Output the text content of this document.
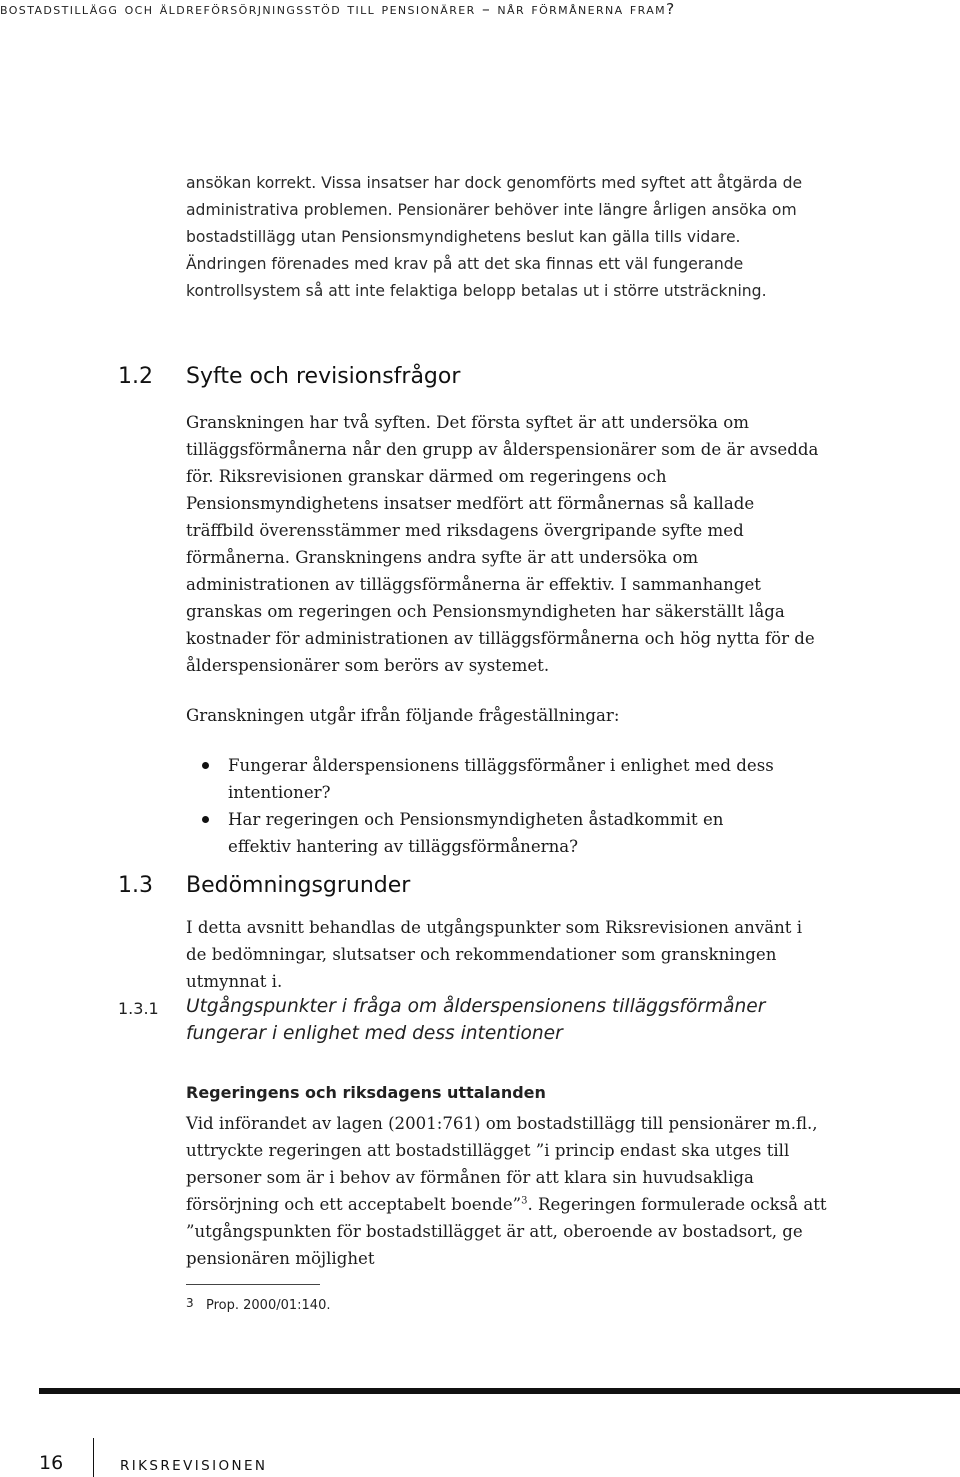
bostadstillägg och äldreförsörjningsstöd till pensionärer – når förmånerna fram?

ansökan korrekt. Vissa insatser har dock genomförts med syftet att åtgärda de administrativa problemen. Pensionärer behöver inte längre årligen ansöka om bostadstillägg utan Pensionsmyndighetens beslut kan gälla tills vidare. Ändringen förenades med krav på att det ska finnas ett väl fungerande kontrollsystem så att inte felaktiga belopp betalas ut i större utsträckning.

1.2 Syfte och revisionsfrågor

Granskningen har två syften. Det första syftet är att undersöka om tilläggsförmånerna når den grupp av ålderspensionärer som de är avsedda för. Riksrevisionen granskar därmed om regeringens och Pensionsmyndighetens insatser medfört att förmånernas så kallade träffbild överensstämmer med riksdagens övergripande syfte med förmånerna. Granskningens andra syfte är att undersöka om administrationen av tilläggsförmånerna är effektiv. I sammanhanget granskas om regeringen och Pensionsmyndigheten har säkerställt låga kostnader för administrationen av tilläggsförmånerna och hög nytta för de ålderspensionärer som berörs av systemet.

Granskningen utgår ifrån följande frågeställningar:

Fungerar ålderspensionens tilläggsförmåner i enlighet med dess intentioner?
Har regeringen och Pensionsmyndigheten åstadkommit en effektiv hantering av tilläggsförmånerna?
1.3 Bedömningsgrunder

I detta avsnitt behandlas de utgångspunkter som Riksrevisionen använt i de bedömningar, slutsatser och rekommendationer som granskningen utmynnat i.

1.3.1 Utgångspunkter i fråga om ålderspensionens tilläggsförmåner fungerar i enlighet med dess intentioner
Regeringens och riksdagens uttalanden

Vid införandet av lagen (2001:761) om bostadstillägg till pensionärer m.fl., uttryckte regeringen att bostadstillägget ”i princip endast ska utges till personer som är i behov av förmånen för att klara sin huvudsakliga försörjning och ett acceptabelt boende”$^3$. Regeringen formulerade också att ”utgångspunkten för bostadstillägget är att, oberoende av bostadsort, ge pensionären möjlighet

3 Prop. 2000/01:140.
16	RIKSREVISIONEN
